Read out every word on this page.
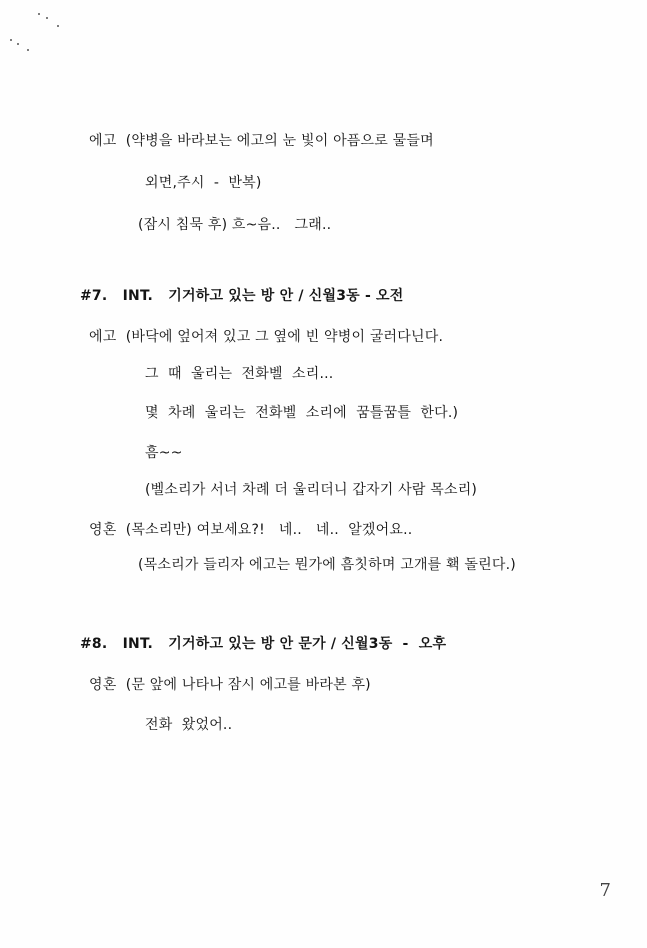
에고  (약병을 바라보는 에고의 눈 빛이 아픔으로 물들며
외면,주시  -  반복)
(잠시 침묵 후) 흐~음..   그래..
#7.   INT.   기거하고 있는 방 안 / 신월3동 - 오전
에고  (바닥에 엎어져 있고 그 옆에 빈 약병이 굴러다닌다.
그  때  울리는  전화벨  소리...
몇  차례  울리는  전화벨  소리에  꿈틀꿈틀  한다.)
흠~~
(벨소리가 서너 차례 더 울리더니 갑자기 사람 목소리)
영혼  (목소리만) 여보세요?!   네..   네..  알겠어요..
(목소리가 들리자 에고는 뭔가에 흠칫하며 고개를 홱 돌린다.)
#8.   INT.   기거하고 있는 방 안 문가 / 신월3동  -  오후
영혼  (문 앞에 나타나 잠시 에고를 바라본 후)
전화  왔었어..
7
